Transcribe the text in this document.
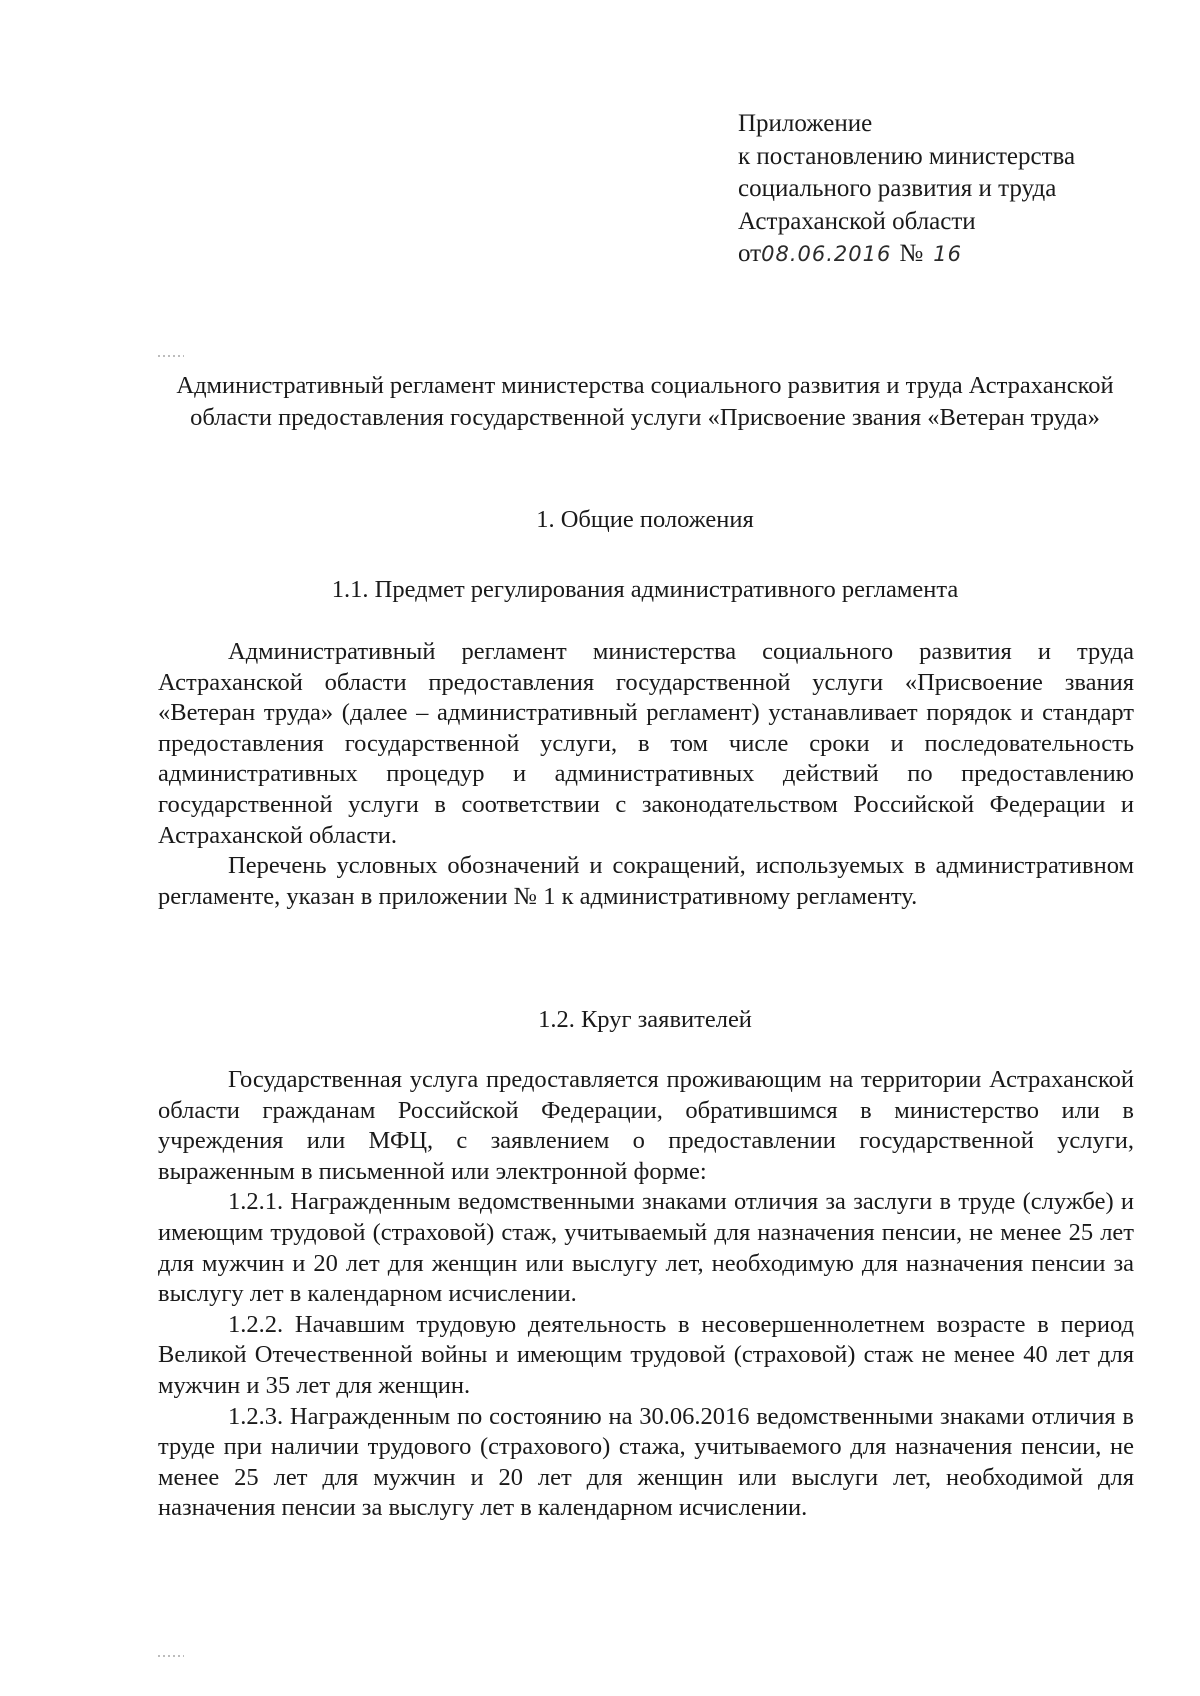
Приложение
к постановлению министерства
социального развития и труда
Астраханской области
от08.06.2016 № 16
Административный регламент министерства социального развития и труда Астраханской области предоставления государственной услуги «Присвоение звания «Ветеран труда»
1. Общие положения
1.1. Предмет регулирования административного регламента

Административный регламент министерства социального развития и труда Астраханской области предоставления государственной услуги «Присвоение звания «Ветеран труда» (далее – административный регламент) устанавливает порядок и стандарт предоставления государственной услуги, в том числе сроки и последовательность административных процедур и административных действий по предоставлению государственной услуги в соответствии с законодательством Российской Федерации и Астраханской области.

Перечень условных обозначений и сокращений, используемых в административном регламенте, указан в приложении № 1 к административному регламенту.

1.2. Круг заявителей

Государственная услуга предоставляется проживающим на территории Астраханской области гражданам Российской Федерации, обратившимся в министерство или в учреждения или МФЦ, с заявлением о предоставлении государственной услуги, выраженным в письменной или электронной форме:

1.2.1. Награжденным ведомственными знаками отличия за заслуги в труде (службе) и имеющим трудовой (страховой) стаж, учитываемый для назначения пенсии, не менее 25 лет для мужчин и 20 лет для женщин или выслугу лет, необходимую для назначения пенсии за выслугу лет в календарном исчислении.

1.2.2. Начавшим трудовую деятельность в несовершеннолетнем возрасте в период Великой Отечественной войны и имеющим трудовой (страховой) стаж не менее 40 лет для мужчин и 35 лет для женщин.

1.2.3. Награжденным по состоянию на 30.06.2016 ведомственными знаками отличия в труде при наличии трудового (страхового) стажа, учитываемого для назначения пенсии, не менее 25 лет для мужчин и 20 лет для женщин или выслуги лет, необходимой для назначения пенсии за выслугу лет в календарном исчислении.
